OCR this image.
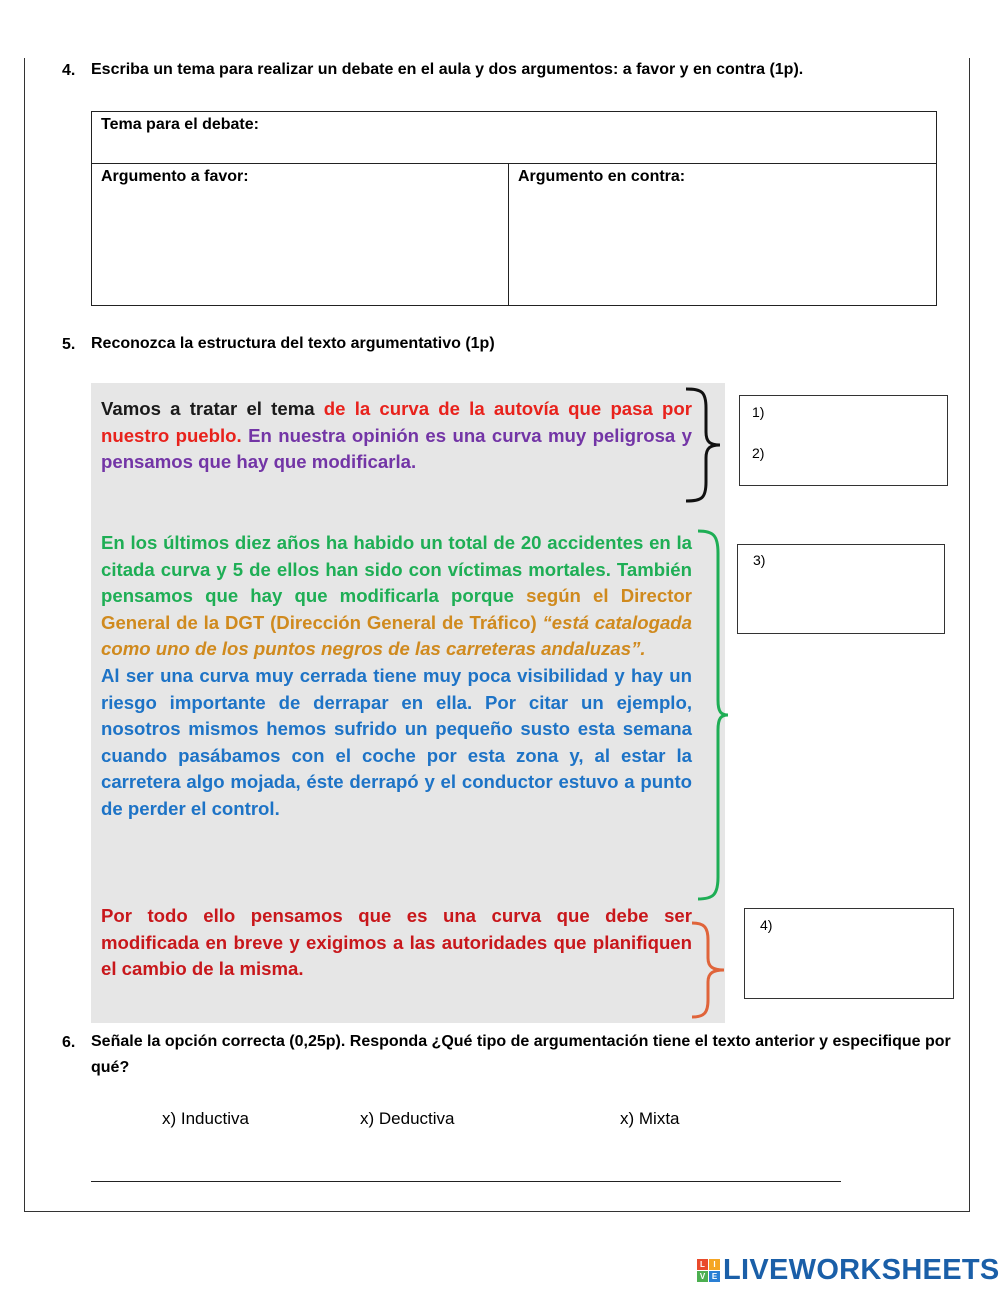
4. Escriba un tema para realizar un debate en el aula y dos argumentos: a favor y en contra (1p).
Tema para el debate:
Argumento a favor:	Argumento en contra:
5. Reconozca la estructura del texto argumentativo (1p)

Vamos a tratar el tema de la curva de la autovía que pasa por nuestro pueblo. En nuestra opinión es una curva muy peligrosa y pensamos que hay que modificarla.

En los últimos diez años ha habido un total de 20 accidentes en la citada curva y 5 de ellos han sido con víctimas mortales. También pensamos que hay que modificarla porque según el Director General de la DGT (Dirección General de Tráfico) “está catalogada como uno de los puntos negros de las carreteras andaluzas”.
Al ser una curva muy cerrada tiene muy poca visibilidad y hay un riesgo importante de derrapar en ella. Por citar un ejemplo, nosotros mismos hemos sufrido un pequeño susto esta semana cuando pasábamos con el coche por esta zona y, al estar la carretera algo mojada, éste derrapó y el conductor estuvo a punto de perder el control.

Por todo ello pensamos que es una curva que debe ser modificada en breve y exigimos a las autoridades que planifiquen el cambio de la misma.

1)
2)
3)
4)
6. Señale la opción correcta (0,25p). Responda ¿Qué tipo de argumentación tiene el texto anterior y especifique por qué?
x) Inductiva	x) Deductiva	x) Mixta
L	I
V E LIVEWORKSHEETS
